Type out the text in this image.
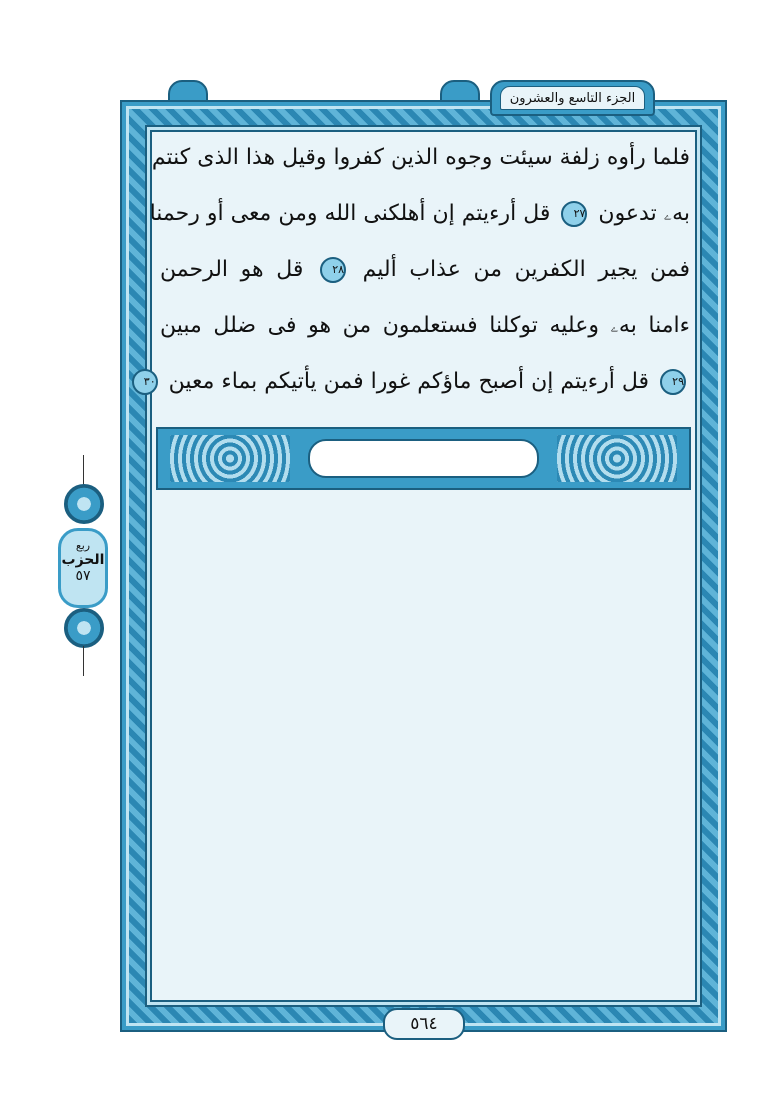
الجزء التاسع والعشرون
فلما رأوه زلفة سيئت وجوه الذين كفروا وقيل هذا الذى كنتم
بهۦ تدعون ٢٧ قل أرءيتم إن أهلكنى الله ومن معى أو رحمنا
فمن يجير الكفرين من عذاب أليم ٢٨ قل هو الرحمن
ءامنا بهۦ وعليه توكلنا فستعلمون من هو فى ضلل مبين
٢٩ قل أرءيتم إن أصبح ماؤكم غورا فمن يأتيكم بماء معين ٣٠
ربع
الحزب
٥٧
٥٦٤
